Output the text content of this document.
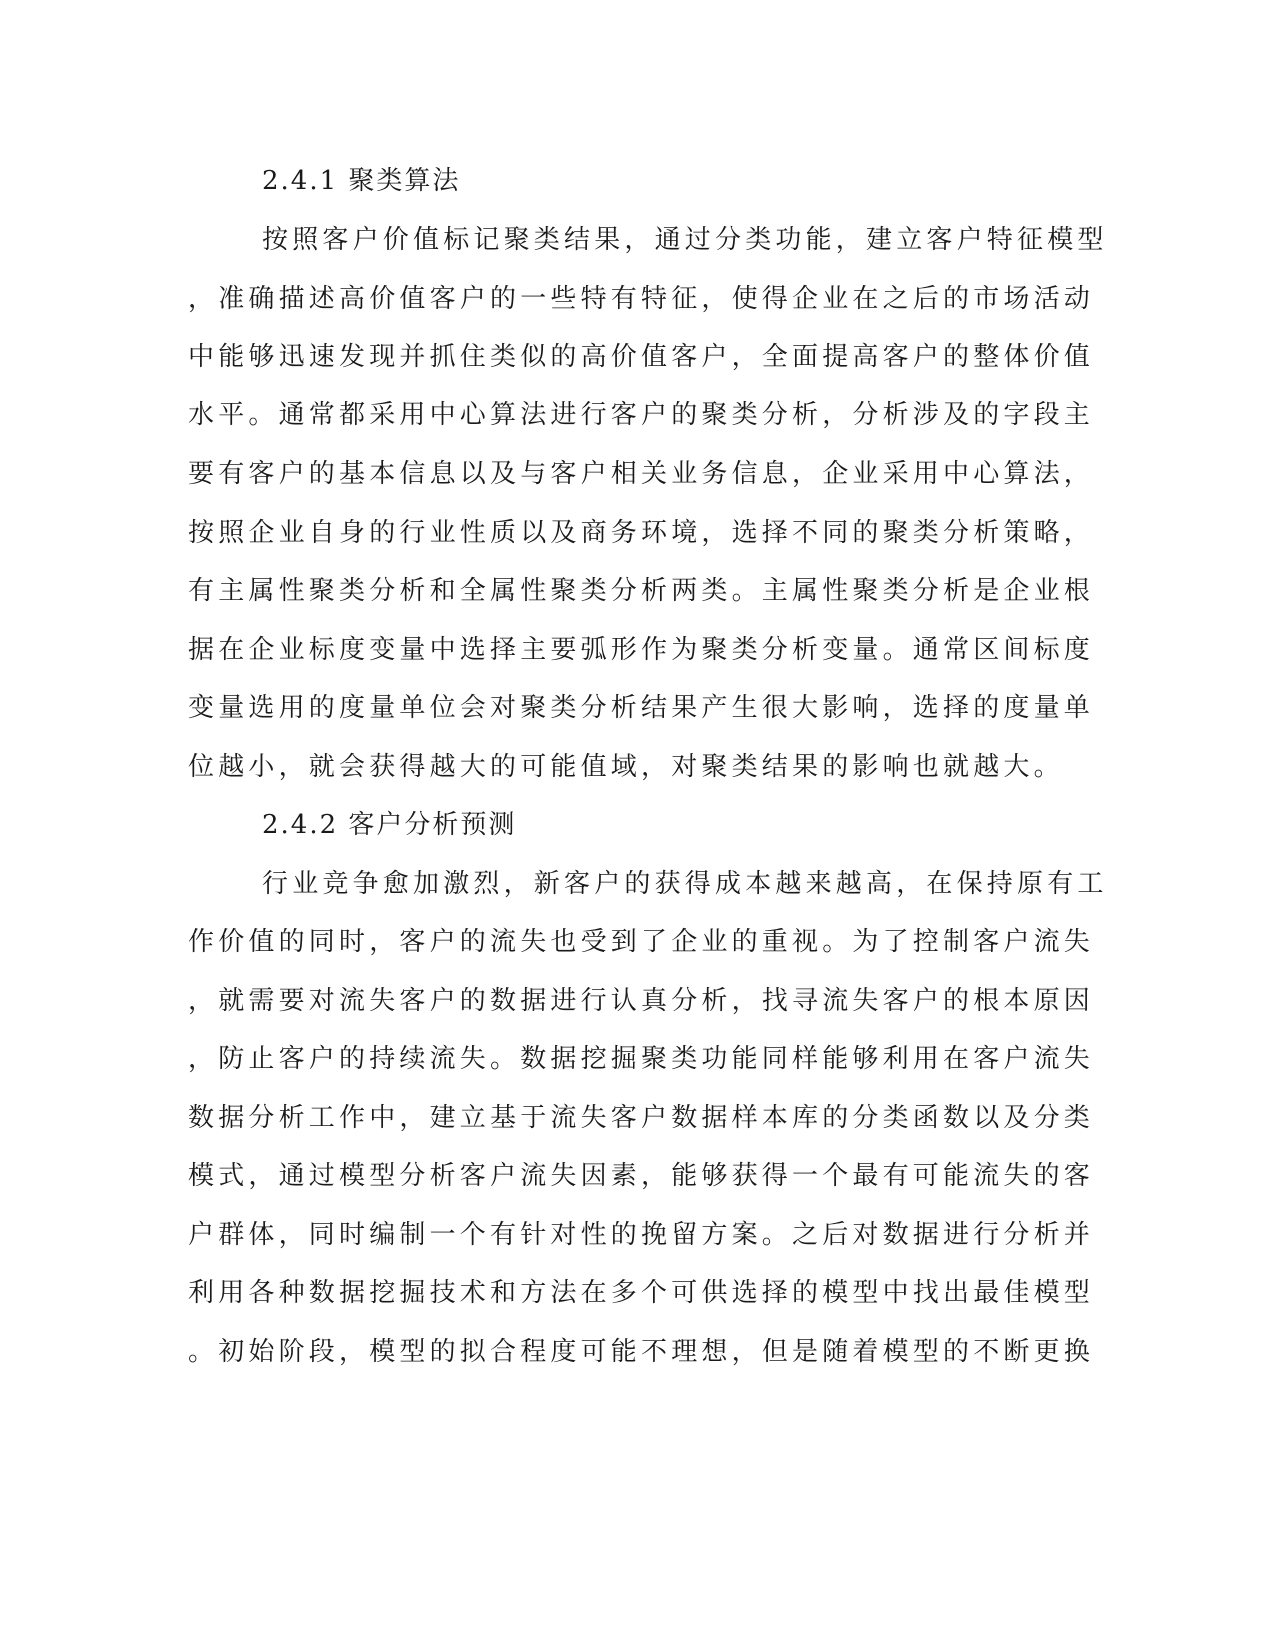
2.4.1 聚类算法
按照客户价值标记聚类结果，通过分类功能，建立客户特征模型
，准确描述高价值客户的一些特有特征，使得企业在之后的市场活动
中能够迅速发现并抓住类似的高价值客户，全面提高客户的整体价值
水平。通常都采用中心算法进行客户的聚类分析，分析涉及的字段主
要有客户的基本信息以及与客户相关业务信息，企业采用中心算法，
按照企业自身的行业性质以及商务环境，选择不同的聚类分析策略，
有主属性聚类分析和全属性聚类分析两类。主属性聚类分析是企业根
据在企业标度变量中选择主要弧形作为聚类分析变量。通常区间标度
变量选用的度量单位会对聚类分析结果产生很大影响，选择的度量单
位越小，就会获得越大的可能值域，对聚类结果的影响也就越大。
2.4.2 客户分析预测
行业竞争愈加激烈，新客户的获得成本越来越高，在保持原有工
作价值的同时，客户的流失也受到了企业的重视。为了控制客户流失
，就需要对流失客户的数据进行认真分析，找寻流失客户的根本原因
，防止客户的持续流失。数据挖掘聚类功能同样能够利用在客户流失
数据分析工作中，建立基于流失客户数据样本库的分类函数以及分类
模式，通过模型分析客户流失因素，能够获得一个最有可能流失的客
户群体，同时编制一个有针对性的挽留方案。之后对数据进行分析并
利用各种数据挖掘技术和方法在多个可供选择的模型中找出最佳模型
。初始阶段，模型的拟合程度可能不理想，但是随着模型的不断更换
